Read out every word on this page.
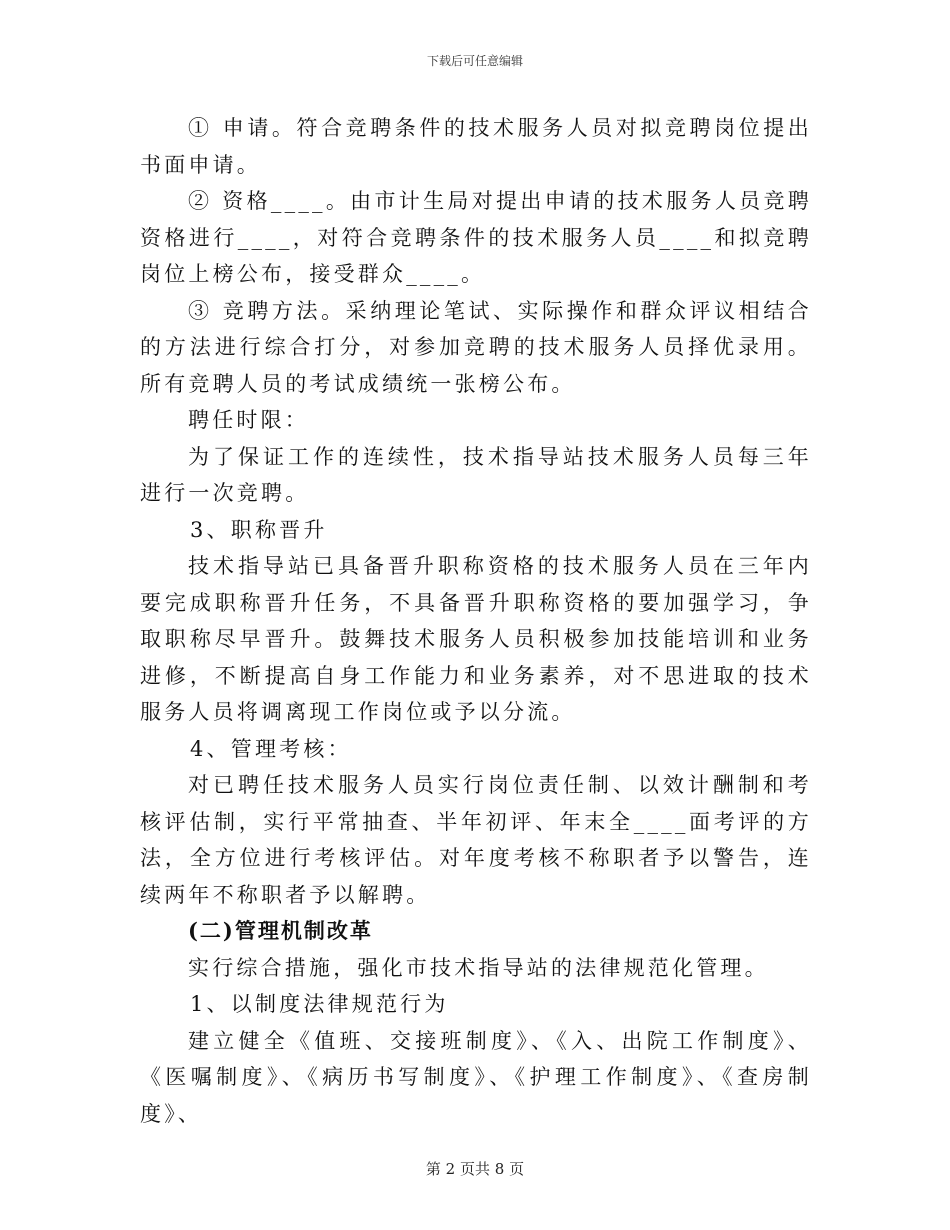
下载后可任意编辑

① 申请。符合竞聘条件的技术服务人员对拟竞聘岗位提出书面申请。

② 资格____。由市计生局对提出申请的技术服务人员竞聘资格进行____，对符合竞聘条件的技术服务人员____和拟竞聘岗位上榜公布，接受群众____。

③ 竞聘方法。采纳理论笔试、实际操作和群众评议相结合的方法进行综合打分，对参加竞聘的技术服务人员择优录用。所有竞聘人员的考试成绩统一张榜公布。

聘任时限：

为了保证工作的连续性，技术指导站技术服务人员每三年进行一次竞聘。

3、职称晋升

技术指导站已具备晋升职称资格的技术服务人员在三年内要完成职称晋升任务，不具备晋升职称资格的要加强学习，争取职称尽早晋升。鼓舞技术服务人员积极参加技能培训和业务进修，不断提高自身工作能力和业务素养，对不思进取的技术服务人员将调离现工作岗位或予以分流。

4、管理考核：

对已聘任技术服务人员实行岗位责任制、以效计酬制和考核评估制，实行平常抽查、半年初评、年末全____面考评的方法，全方位进行考核评估。对年度考核不称职者予以警告，连续两年不称职者予以解聘。

(二)管理机制改革

实行综合措施，强化市技术指导站的法律规范化管理。

1、以制度法律规范行为

建立健全《值班、交接班制度》、《入、出院工作制度》、《医嘱制度》、《病历书写制度》、《护理工作制度》、《查房制度》、

第 2 页共 8 页
